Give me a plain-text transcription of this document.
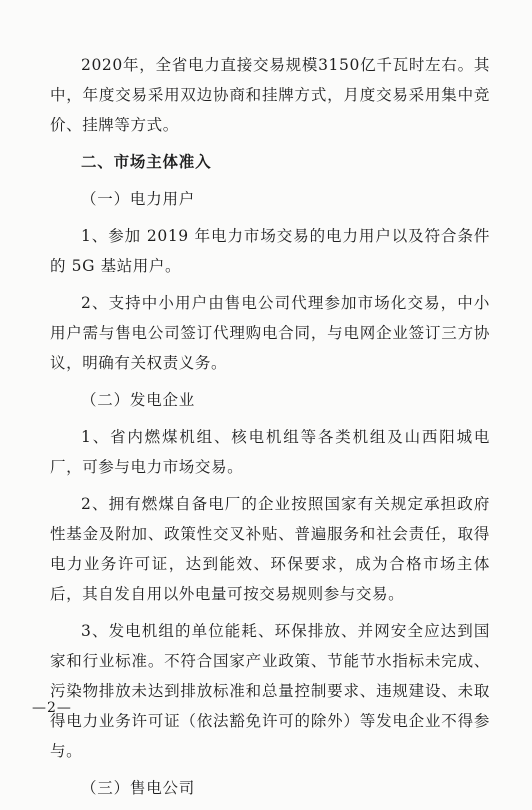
2020年，全省电力直接交易规模3150亿千瓦时左右。其中，年度交易采用双边协商和挂牌方式，月度交易采用集中竞价、挂牌等方式。

二、市场主体准入
（一）电力用户

1、参加 2019 年电力市场交易的电力用户以及符合条件的 5G 基站用户。

2、支持中小用户由售电公司代理参加市场化交易，中小用户需与售电公司签订代理购电合同，与电网企业签订三方协议，明确有关权责义务。

（二）发电企业

1、省内燃煤机组、核电机组等各类机组及山西阳城电厂，可参与电力市场交易。

2、拥有燃煤自备电厂的企业按照国家有关规定承担政府性基金及附加、政策性交叉补贴、普遍服务和社会责任，取得电力业务许可证，达到能效、环保要求，成为合格市场主体后，其自发自用以外电量可按交易规则参与交易。

3、发电机组的单位能耗、环保排放、并网安全应达到国家和行业标准。不符合国家产业政策、节能节水指标未完成、污染物排放未达到排放标准和总量控制要求、违规建设、未取得电力业务许可证（依法豁免许可的除外）等发电企业不得参与。

（三）售电公司
—2—
